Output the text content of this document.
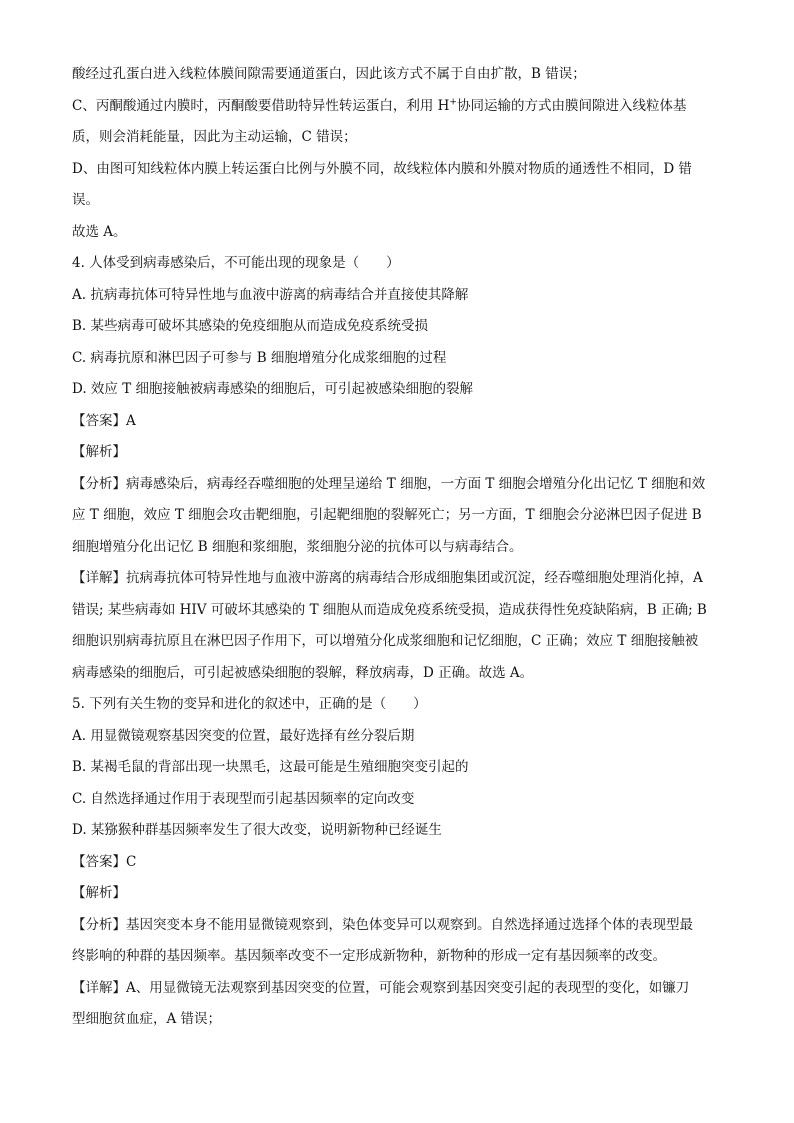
酸经过孔蛋白进入线粒体膜间隙需要通道蛋白，因此该方式不属于自由扩散，B 错误；
C、丙酮酸通过内膜时，丙酮酸要借助特异性转运蛋白，利用 H+协同运输的方式由膜间隙进入线粒体基
质，则会消耗能量，因此为主动运输，C 错误；
D、由图可知线粒体内膜上转运蛋白比例与外膜不同，故线粒体内膜和外膜对物质的通透性不相同，D 错
误。
故选 A。
4. 人体受到病毒感染后，不可能出现的现象是（　　）
A. 抗病毒抗体可特异性地与血液中游离的病毒结合并直接使其降解
B. 某些病毒可破坏其感染的免疫细胞从而造成免疫系统受损
C. 病毒抗原和淋巴因子可参与 B 细胞增殖分化成浆细胞的过程
D. 效应 T 细胞接触被病毒感染的细胞后，可引起被感染细胞的裂解
【答案】A
【解析】
【分析】病毒感染后，病毒经吞噬细胞的处理呈递给 T 细胞，一方面 T 细胞会增殖分化出记忆 T 细胞和效
应 T 细胞，效应 T 细胞会攻击靶细胞，引起靶细胞的裂解死亡；另一方面，T 细胞会分泌淋巴因子促进 B
细胞增殖分化出记忆 B 细胞和浆细胞，浆细胞分泌的抗体可以与病毒结合。
【详解】抗病毒抗体可特异性地与血液中游离的病毒结合形成细胞集团或沉淀，经吞噬细胞处理消化掉，A
错误; 某些病毒如 HIV 可破坏其感染的 T 细胞从而造成免疫系统受损，造成获得性免疫缺陷病，B 正确; B
细胞识别病毒抗原且在淋巴因子作用下，可以增殖分化成浆细胞和记忆细胞，C 正确；效应 T 细胞接触被
病毒感染的细胞后，可引起被感染细胞的裂解，释放病毒，D 正确。故选 A。
5. 下列有关生物的变异和进化的叙述中，正确的是（　　）
A. 用显微镜观察基因突变的位置，最好选择有丝分裂后期
B. 某褐毛鼠的背部出现一块黑毛，这最可能是生殖细胞突变引起的
C. 自然选择通过作用于表现型而引起基因频率的定向改变
D. 某猕猴种群基因频率发生了很大改变，说明新物种已经诞生
【答案】C
【解析】
【分析】基因突变本身不能用显微镜观察到，染色体变异可以观察到。自然选择通过选择个体的表现型最
终影响的种群的基因频率。基因频率改变不一定形成新物种，新物种的形成一定有基因频率的改变。
【详解】A、用显微镜无法观察到基因突变的位置，可能会观察到基因突变引起的表现型的变化，如镰刀
型细胞贫血症，A 错误；
